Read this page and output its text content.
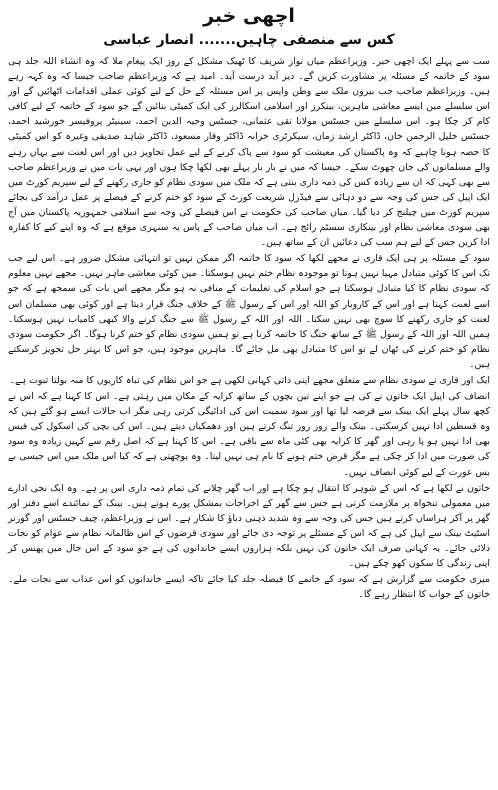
اچھی خبر
کس سے منصفی چاہیں....... انصار عباسی

سب سے پہلے ایک اچھی خبر۔ وزیراعظم میاں نواز شریف کا ٹھیک مشکل کے روز ایک پیغام ملا کہ وہ انشاء اللہ جلد ہی سود کے خاتمہ کے مسئلہ پر مشاورت کریں گے۔ دیر آید درست آید۔ امید ہے کہ وزیراعظم صاحب جیسا کہ وہ کہہ رہے ہیں۔ وزیراعظم صاحب جب بیرون ملک سے وطن واپس پر اس مسئلہ کے حل کے لیے کوئی عملی اقدامات اٹھائیں گے اور اس سلسلے میں ایسے معاشی ماہرین، بینکرز اور اسلامی اسکالرز کی ایک کمیٹی بنائیں گے جو سود کے خاتمہ کے لیے کافی کام کر چکا ہو۔ اس سلسلے میں جسٹس مولانا تقی عثمانی، جسٹس وجیہ الدین احمد، سینیٹر پروفیسر خورشید احمد، جسٹس خلیل الرحمن خان، ڈاکٹر ارشد زمان، سیکرٹری خزانہ ڈاکٹر وقار مسعود، ڈاکٹر شاہد صدیقی وغیرہ کو اس کمیٹی کا حصہ ہونا چاہیے کہ وہ پاکستان کی معیشت کو سود سے پاک کرنے کے لیے عمل تجاویز دیں اور اس لعنت سے یہاں رہنے والے مسلمانوں کی جان چھوٹ سکے۔ جیسا کہ میں نے بار بار پہلے بھی لکھا چکا ہوں اور یہی بات میں نے وزیراعظم صاحب سے بھی کہی کہ ان سے زیادہ کس کی ذمہ داری بنتی ہے کہ ملک میں سودی نظام کو جاری رکھنے کے لیے سپریم کورٹ میں ایک اپیل کی جس کی وجہ سے دو دہائی سے فیڈرل شریعت کورٹ کے سود کو ختم کرنے کے فیصلے پر عمل درآمد کی بجائے سپریم کورٹ میں چیلنج کر دیا گیا۔ میاں صاحب کی حکومت نے اس فیصلے کی وجہ سے اسلامی جمہوریہ پاکستان میں آج بھی سودی معاشی نظام اور بینکاری سسٹم رائج ہے۔ اب میاں صاحب کے پاس یہ سنہری موقع ہے کہ وہ اپنے کیے کا کفارہ ادا کریں جس کے لیے ہم سب کی دعائیں ان کے ساتھ ہیں۔

سود کے مسئلہ پر ہی ایک قاری نے مجھے لکھا کہ سود کا خاتمہ اگر ممکن نہیں تو انتہائی مشکل ضرور ہے۔ اس لیے جب تک اس کا کوئی متبادل مہیا نہیں ہوتا تو موجودہ نظام ختم نہیں ہوسکتا۔ میں کوئی معاشی ماہر نہیں۔ مجھے نہیں معلوم کہ سودی نظام کا کیا متبادل ہوسکتا ہے جو اسلام کی تعلیمات کے منافی نہ ہو مگر مجھے اس بات کی سمجھ ہے کہ جو اسے لعنت کہتا ہے اور اس کے کاروبار کو اللہ اور اس کے رسول ﷺ کے خلاف جنگ قرار دیتا ہے اور کوئی بھی مسلمان اس لعنت کو جاری رکھنے کا سوچ بھی نہیں سکتا۔ اللہ اور اللہ کے رسول ﷺ سے جنگ کرنے والا کبھی کامیاب نہیں ہوسکتا۔ ہمیں اللہ اور اللہ کے رسول ﷺ کے ساتھ جنگ کا خاتمہ کرنا ہے تو ہمیں سودی نظام کو ختم کرنا ہوگا۔ اگر حکومت سودی نظام کو ختم کرنے کی ٹھان لے تو اس کا متبادل بھی مل جائے گا۔ ماہرین موجود ہیں، جو اس کا بہتر حل تجویز کرسکتے ہیں۔

ایک اور قاری نے سودی نظام سے متعلق مجھے اپنی ذاتی کہانی لکھی ہے جو اس نظام کی تباہ کاریوں کا منہ بولتا ثبوت ہے۔

انصاف کی اپیل ایک خاتون نے کی ہے جو اپنے تین بچوں کے ساتھ کرایہ کے مکان میں رہتی ہے۔ اس کا کہنا ہے کہ اس نے کچھ سال پہلے ایک بینک سے قرضہ لیا تھا اور سود سمیت اس کی ادائیگی کرتی رہی مگر اب حالات ایسے ہو گئے ہیں کہ وہ قسطیں ادا نہیں کرسکتی۔ بینک والے روز روز تنگ کرتے ہیں اور دھمکیاں دیتے ہیں۔ اس کی بچی کی اسکول کی فیس بھی ادا نہیں ہو پا رہی اور گھر کا کرایہ بھی کئی ماہ سے باقی ہے۔ اس کا کہنا ہے کہ اصل رقم سے کہیں زیادہ وہ سود کی صورت میں ادا کر چکی ہے مگر قرض ختم ہونے کا نام ہی نہیں لیتا۔ وہ پوچھتی ہے کہ کیا اس ملک میں اس جیسی بے بس عورت کے لیے کوئی انصاف نہیں۔

خاتون نے لکھا ہے کہ اس کے شوہر کا انتقال ہو چکا ہے اور اب گھر چلانے کی تمام ذمہ داری اس پر ہے۔ وہ ایک نجی ادارے میں معمولی تنخواہ پر ملازمت کرتی ہے جس سے گھر کے اخراجات بمشکل پورے ہوتے ہیں۔ بینک کے نمائندے اسے دفتر اور گھر پر آکر ہراساں کرتے ہیں جس کی وجہ سے وہ شدید ذہنی دباؤ کا شکار ہے۔ اس نے وزیراعظم، چیف جسٹس اور گورنر اسٹیٹ بینک سے اپیل کی ہے کہ اس کے مسئلے پر توجہ دی جائے اور سودی قرضوں کے اس ظالمانہ نظام سے عوام کو نجات دلائی جائے۔ یہ کہانی صرف ایک خاتون کی نہیں بلکہ ہزاروں ایسے خاندانوں کی ہے جو سود کے اس جال میں پھنس کر اپنی زندگی کا سکون کھو چکے ہیں۔

میری حکومت سے گزارش ہے کہ سود کے خاتمے کا فیصلہ جلد کیا جائے تاکہ ایسے خاندانوں کو اس عذاب سے نجات ملے۔ خاتون کے جواب کا انتظار رہے گا۔
